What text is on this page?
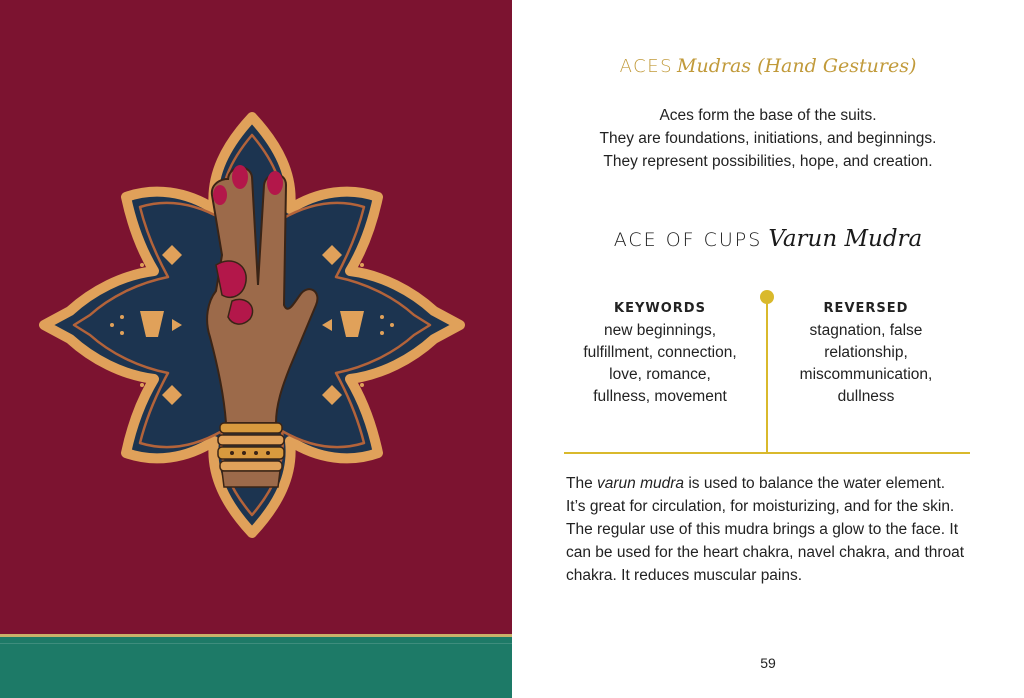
ACES Mudras (Hand Gestures)
Aces form the base of the suits.
They are foundations, initiations, and beginnings.
They represent possibilities, hope, and creation.
ACE OF CUPS Varun Mudra
KEYWORDS
new beginnings,
fulfillment, connection,
love, romance,
fullness, movement
REVERSED
stagnation, false
relationship,
miscommunication,
dullness
The varun mudra is used to balance the water element.
It’s great for circulation, for moisturizing, and for the skin.
The regular use of this mudra brings a glow to the face. It
can be used for the heart chakra, navel chakra, and throat
chakra. It reduces muscular pains.
59
